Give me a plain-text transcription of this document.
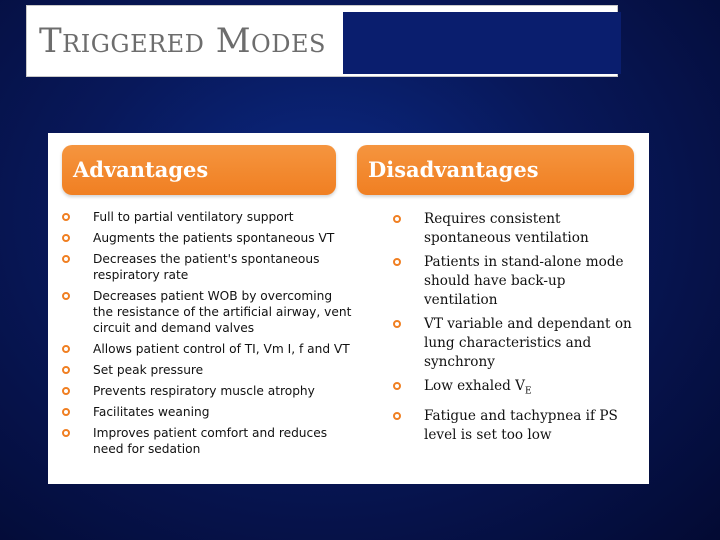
Triggered Modes
Advantages	Disadvantages
Full to partial ventilatory support
Augments the patients spontaneous VT
Decreases the patient's spontaneous respiratory rate
Decreases patient WOB by overcoming the resistance of the artificial airway, vent circuit and demand valves
Allows patient control of TI, Vm I, f and VT
Set peak pressure
Prevents respiratory muscle atrophy
Facilitates weaning
Improves patient comfort and reduces need for sedation
Requires consistent spontaneous ventilation
Patients in stand-alone mode should have back-up ventilation
VT variable and dependant on lung characteristics and synchrony
Low exhaled $V_E$
Fatigue and tachypnea if PS level is set too low
